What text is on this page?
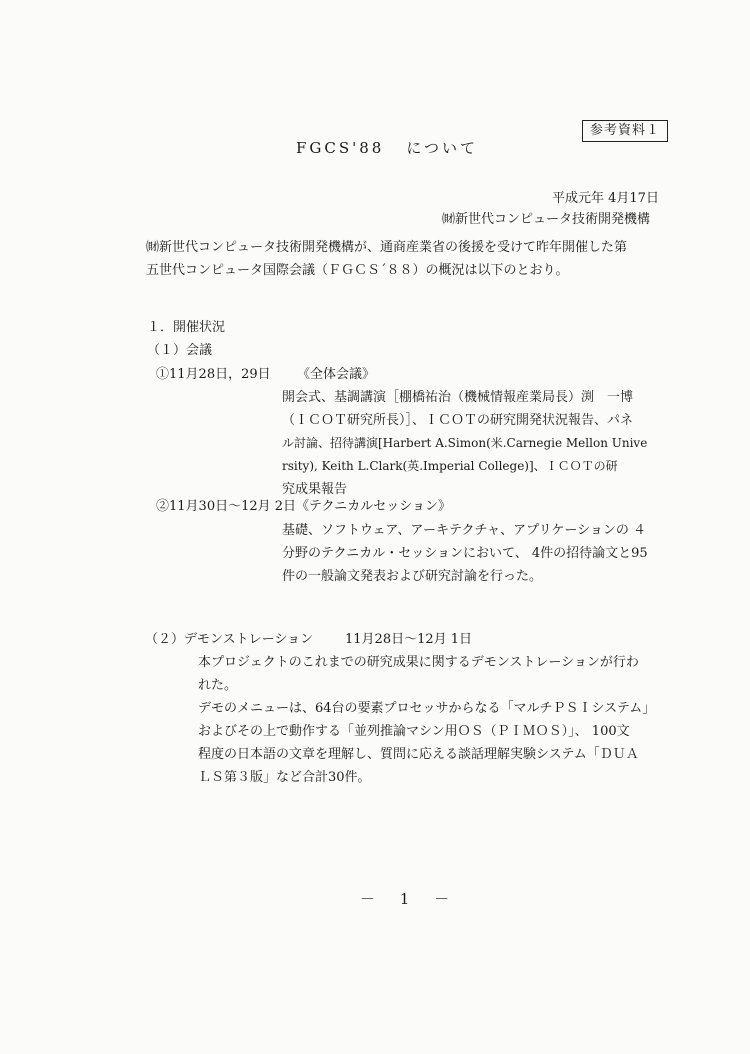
参考資料１
FGCS'88 について
平成元年 4月17日
㈶新世代コンピュータ技術開発機構
㈶新世代コンピュータ技術開発機構が、通商産業省の後援を受けて昨年開催した第
五世代コンピュータ国際会議（ＦＧＣＳ´８８）の概況は以下のとおり。
１．開催状況
（１）会議
①11月28日，29日 《全体会議》
開会式、基調講演［棚橋祐治（機械情報産業局長）渕　一博
（ＩＣＯＴ研究所長）］、ＩＣＯＴの研究開発状況報告、パネ
ル討論、招待講演[Harbert A.Simon(米.Carnegie Mellon Unive
rsity), Keith L.Clark(英.Imperial College)]、ＩＣＯＴの研
究成果報告
②11月30日～12月 2日《テクニカルセッション》
基礎、ソフトウェア、アーキテクチャ、アプリケーションの ４
分野のテクニカル・セッションにおいて、 4件の招待論文と95
件の一般論文発表および研究討論を行った。
（２）デモンストレーション 11月28日～12月 1日
本プロジェクトのこれまでの研究成果に関するデモンストレーションが行わ
れた。
デモのメニューは、64台の要素プロセッサからなる「マルチＰＳＩシステム」
およびその上で動作する「並列推論マシン用ＯＳ（ＰＩＭＯＳ）」、 100文
程度の日本語の文章を理解し、質問に応える談話理解実験システム「ＤＵＡ
ＬＳ第３版」など合計30件。
－ 1 －
